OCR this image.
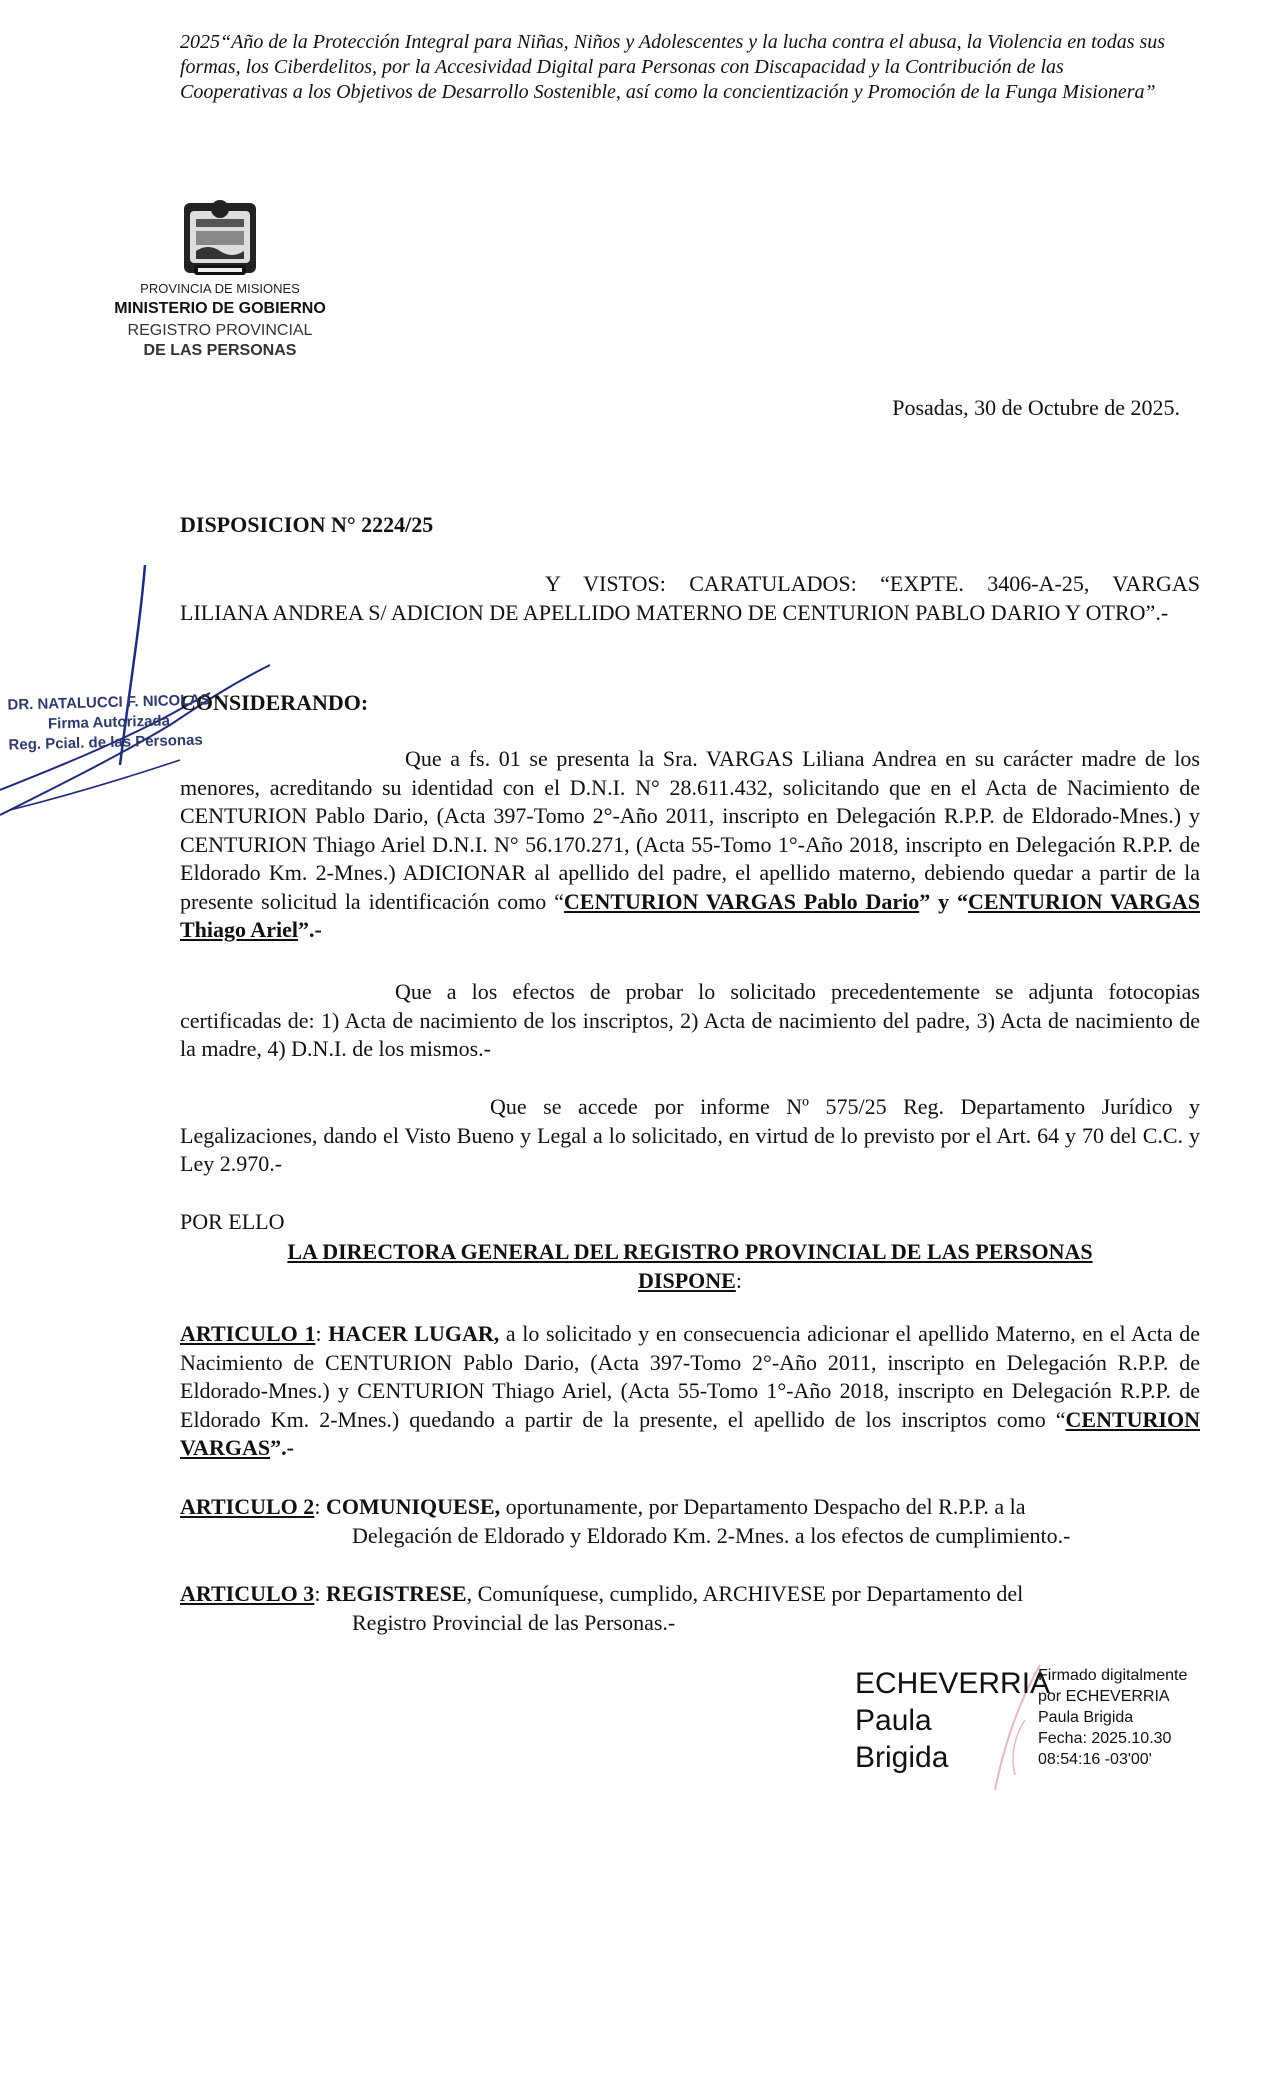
2025“Año de la Protección Integral para Niñas, Niños y Adolescentes y la lucha contra el abusa, la Violencia en todas sus formas, los Ciberdelitos, por la Accesividad Digital para Personas con Discapacidad y la Contribución de las Cooperativas a los Objetivos de Desarrollo Sostenible, así como la concientización y Promoción de la Funga Misionera”
PROVINCIA DE MISIONES
MINISTERIO DE GOBIERNO
REGISTRO PROVINCIAL
DE LAS PERSONAS
Posadas, 30 de Octubre de 2025.
DISPOSICION N° 2224/25
Y VISTOS: CARATULADOS: “EXPTE. 3406-A-25, VARGAS LILIANA ANDREA S/ ADICION DE APELLIDO MATERNO DE CENTURION PABLO DARIO Y OTRO”.-
CONSIDERANDO:
DR. NATALUCCI F. NICOLAS
Firma Autorizada
Reg. Pcial. de las Personas
Que a fs. 01 se presenta la Sra. VARGAS Liliana Andrea en su carácter madre de los menores, acreditando su identidad con el D.N.I. N° 28.611.432, solicitando que en el Acta de Nacimiento de CENTURION Pablo Dario, (Acta 397-Tomo 2°-Año 2011, inscripto en Delegación R.P.P. de Eldorado-Mnes.) y CENTURION Thiago Ariel D.N.I. N° 56.170.271, (Acta 55-Tomo 1°-Año 2018, inscripto en Delegación R.P.P. de Eldorado Km. 2-Mnes.) ADICIONAR al apellido del padre, el apellido materno, debiendo quedar a partir de la presente solicitud la identificación como “CENTURION VARGAS Pablo Dario” y “CENTURION VARGAS Thiago Ariel”.-
Que a los efectos de probar lo solicitado precedentemente se adjunta fotocopias certificadas de: 1) Acta de nacimiento de los inscriptos, 2) Acta de nacimiento del padre, 3) Acta de nacimiento de la madre, 4) D.N.I. de los mismos.-
Que se accede por informe Nº 575/25 Reg. Departamento Jurídico y Legalizaciones, dando el Visto Bueno y Legal a lo solicitado, en virtud de lo previsto por el Art. 64 y 70 del C.C. y Ley 2.970.-
POR ELLO
LA DIRECTORA GENERAL DEL REGISTRO PROVINCIAL DE LAS PERSONAS
DISPONE:
ARTICULO 1: HACER LUGAR, a lo solicitado y en consecuencia adicionar el apellido Materno, en el Acta de Nacimiento de CENTURION Pablo Dario, (Acta 397-Tomo 2°-Año 2011, inscripto en Delegación R.P.P. de Eldorado-Mnes.) y CENTURION Thiago Ariel, (Acta 55-Tomo 1°-Año 2018, inscripto en Delegación R.P.P. de Eldorado Km. 2-Mnes.) quedando a partir de la presente, el apellido de los inscriptos como “CENTURION VARGAS”.-
ARTICULO 2: COMUNIQUESE, oportunamente, por Departamento Despacho del R.P.P. a la
Delegación de Eldorado y Eldorado Km. 2-Mnes. a los efectos de cumplimiento.-
ARTICULO 3: REGISTRESE, Comuníquese, cumplido, ARCHIVESE por Departamento del
Registro Provincial de las Personas.-
ECHEVERRIA
Paula
Brigida
Firmado digitalmente
por ECHEVERRIA
Paula Brigida
Fecha: 2025.10.30
08:54:16 -03'00'
